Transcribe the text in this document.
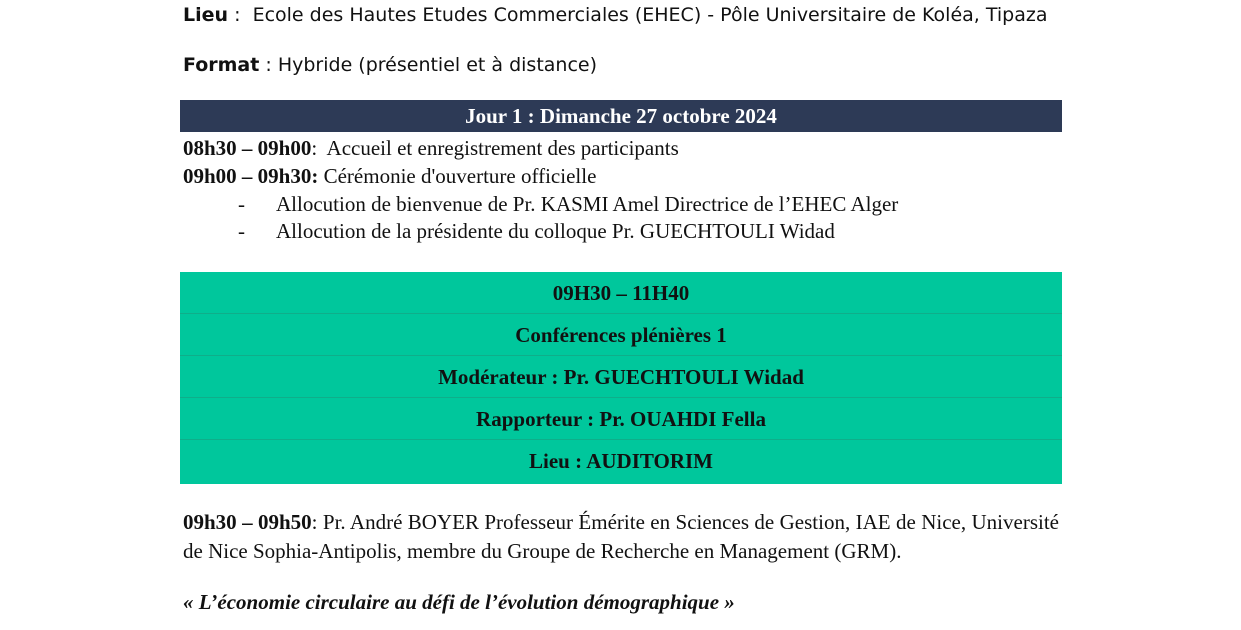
Lieu :  Ecole des Hautes Etudes Commerciales (EHEC) - Pôle Universitaire de Koléa, Tipaza
Format : Hybride (présentiel et à distance)
Jour 1 : Dimanche 27 octobre 2024
08h30 – 09h00:  Accueil et enregistrement des participants
09h00 – 09h30: Cérémonie d'ouverture officielle
- Allocution de bienvenue de Pr. KASMI Amel Directrice de l’EHEC Alger
- Allocution de la présidente du colloque Pr. GUECHTOULI Widad
09H30 – 11H40
Conférences plénières 1
Modérateur : Pr. GUECHTOULI Widad
Rapporteur : Pr. OUAHDI Fella
Lieu : AUDITORIM
09h30 – 09h50: Pr. André BOYER Professeur Émérite en Sciences de Gestion, IAE de Nice, Université de Nice Sophia-Antipolis, membre du Groupe de Recherche en Management (GRM).
« L’économie circulaire au défi de l’évolution démographique »
